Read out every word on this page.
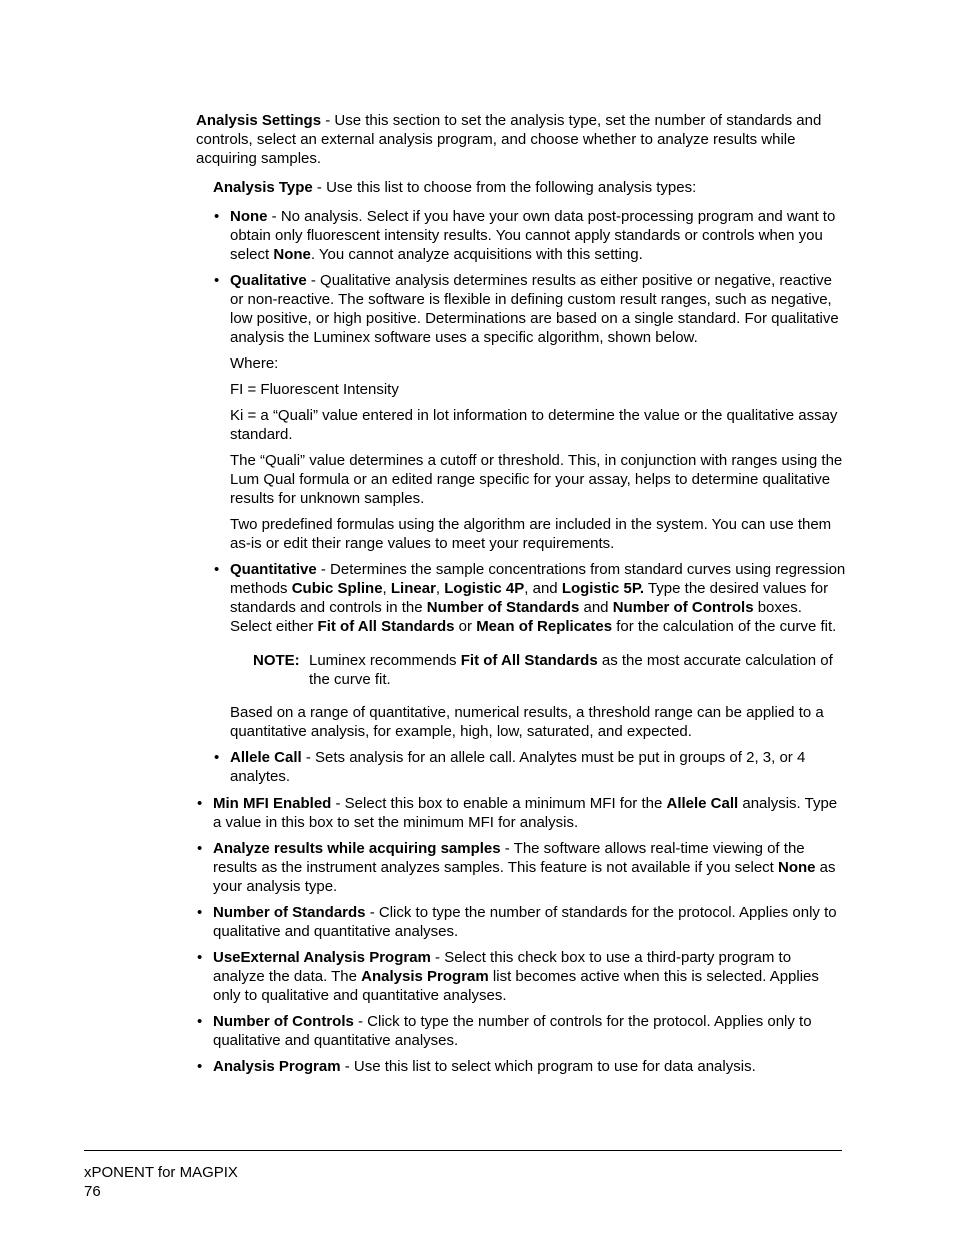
Analysis Settings - Use this section to set the analysis type, set the number of standards and controls, select an external analysis program, and choose whether to analyze results while acquiring samples.

Analysis Type - Use this list to choose from the following analysis types:

• None - No analysis. Select if you have your own data post-processing program and want to obtain only fluorescent intensity results. You cannot apply standards or controls when you select None. You cannot analyze acquisitions with this setting.

• Qualitative - Qualitative analysis determines results as either positive or negative, reactive or non-reactive. The software is flexible in defining custom result ranges, such as negative, low positive, or high positive. Determinations are based on a single standard. For qualitative analysis the Luminex software uses a specific algorithm, shown below.

Where:

FI = Fluorescent Intensity

Ki = a “Quali” value entered in lot information to determine the value or the qualitative assay standard.

The “Quali” value determines a cutoff or threshold. This, in conjunction with ranges using the Lum Qual formula or an edited range specific for your assay, helps to determine qualitative results for unknown samples.

Two predefined formulas using the algorithm are included in the system. You can use them as-is or edit their range values to meet your requirements.

• Quantitative - Determines the sample concentrations from standard curves using regression methods Cubic Spline, Linear, Logistic 4P, and Logistic 5P. Type the desired values for standards and controls in the Number of Standards and Number of Controls boxes. Select either Fit of All Standards or Mean of Replicates for the calculation of the curve fit.

NOTE: Luminex recommends Fit of All Standards as the most accurate calculation of the curve fit.

Based on a range of quantitative, numerical results, a threshold range can be applied to a quantitative analysis, for example, high, low, saturated, and expected.

• Allele Call - Sets analysis for an allele call. Analytes must be put in groups of 2, 3, or 4 analytes.

• Min MFI Enabled - Select this box to enable a minimum MFI for the Allele Call analysis. Type a value in this box to set the minimum MFI for analysis.

• Analyze results while acquiring samples - The software allows real-time viewing of the results as the instrument analyzes samples. This feature is not available if you select None as your analysis type.

• Number of Standards - Click to type the number of standards for the protocol. Applies only to qualitative and quantitative analyses.

• UseExternal Analysis Program - Select this check box to use a third-party program to analyze the data. The Analysis Program list becomes active when this is selected. Applies only to qualitative and quantitative analyses.

• Number of Controls - Click to type the number of controls for the protocol. Applies only to qualitative and quantitative analyses.

• Analysis Program - Use this list to select which program to use for data analysis.

xPONENT for MAGPIX
76
